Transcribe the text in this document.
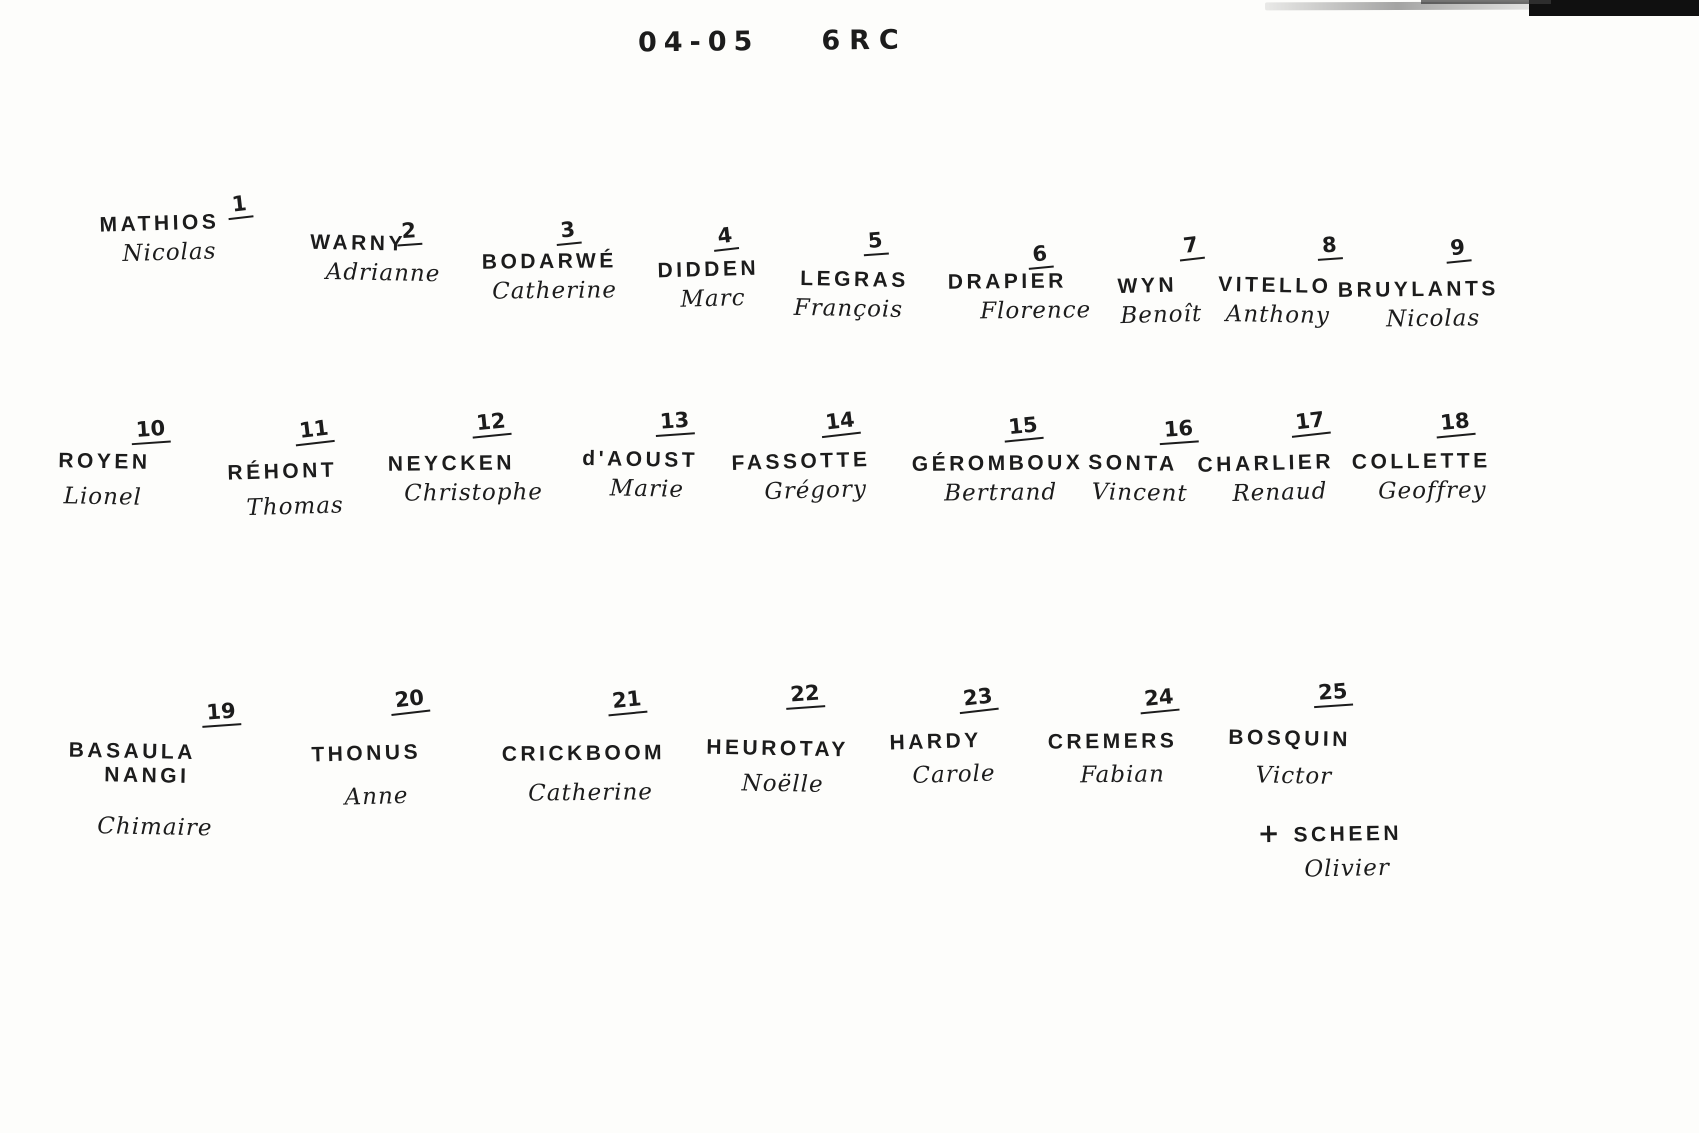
04-05 6RC
1
MATHIOS
Nicolas
2
WARNY
Adrianne
3
BODARWÉ
Catherine
4
DIDDEN
Marc
5
LEGRAS
François
6
DRAPIER
Florence
7
WYN
Benoît
8
VITELLO
Anthony
9
BRUYLANTS
Nicolas
10
ROYEN
Lionel
11
RÉHONT
Thomas
12
NEYCKEN
Christophe
13
d'AOUST
Marie
14
FASSOTTE
Grégory
15
GÉROMBOUX
Bertrand
16
SONTA
Vincent
17
CHARLIER
Renaud
18
COLLETTE
Geoffrey
19
BASAULA
NANGI
Chimaire
20
THONUS
Anne
21
CRICKBOOM
Catherine
22
HEUROTAY
Noëlle
23
HARDY
Carole
24
CREMERS
Fabian
25
BOSQUIN
Victor
+ SCHEEN
Olivier
